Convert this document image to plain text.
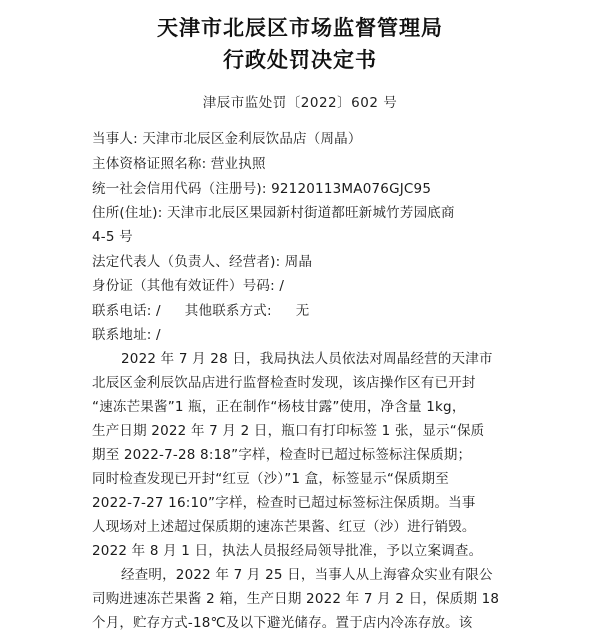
天津市北辰区市场监督管理局
行政处罚决定书
津辰市监处罚〔2022〕602 号
当事人: 天津市北辰区金利辰饮品店（周晶）
主体资格证照名称: 营业执照
统一社会信用代码（注册号): 92120113MA076GJC95
住所(住址): 天津市北辰区果园新村街道都旺新城竹芳园底商
4-5 号
法定代表人（负责人、经营者): 周晶
身份证（其他有效证件）号码: /
联系电话: / 其他联系方式: 无
联系地址: /
2022 年 7 月 28 日，我局执法人员依法对周晶经营的天津市
北辰区金利辰饮品店进行监督检查时发现，该店操作区有已开封
“速冻芒果酱”1 瓶，正在制作“杨枝甘露”使用，净含量 1kg，
生产日期 2022 年 7 月 2 日，瓶口有打印标签 1 张，显示“保质
期至 2022-7-28 8:18”字样，检查时已超过标签标注保质期；
同时检查发现已开封“红豆（沙）”1 盒，标签显示“保质期至
2022-7-27 16:10”字样，检查时已超过标签标注保质期。当事
人现场对上述超过保质期的速冻芒果酱、红豆（沙）进行销毁。
2022 年 8 月 1 日，执法人员报经局领导批准，予以立案调查。
经查明，2022 年 7 月 25 日，当事人从上海睿众实业有限公
司购进速冻芒果酱 2 箱，生产日期 2022 年 7 月 2 日，保质期 18
个月，贮存方式-18℃及以下避光储存。置于店内冷冻存放。该
